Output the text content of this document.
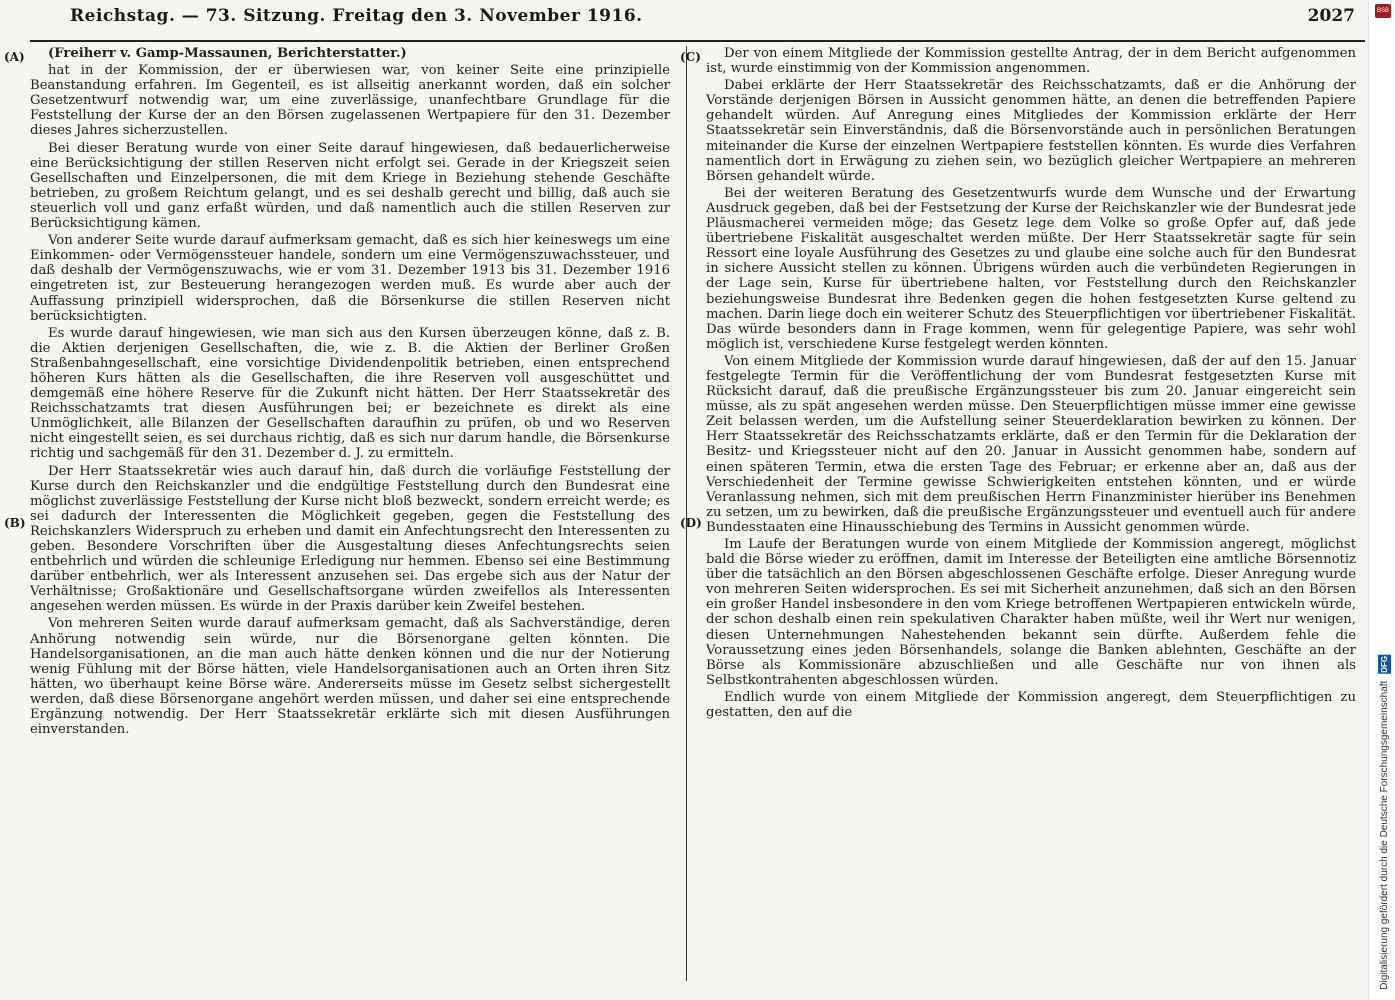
Reichstag. — 73. Sitzung. Freitag den 3. November 1916.	2027

(Freiherr v. Gamp-Massaunen, Berichterstatter.)

hat in der Kommission, der er überwiesen war, von keiner Seite eine prinzipielle Beanstandung erfahren. Im Gegenteil, es ist allseitig anerkannt worden, daß ein solcher Gesetzentwurf notwendig war, um eine zuverlässige, unanfechtbare Grundlage für die Feststellung der Kurse der an den Börsen zugelassenen Wertpapiere für den 31. Dezember dieses Jahres sicherzustellen.

Bei dieser Beratung wurde von einer Seite darauf hingewiesen, daß bedauerlicherweise eine Berücksichtigung der stillen Reserven nicht erfolgt sei. Gerade in der Kriegszeit seien Gesellschaften und Einzelpersonen, die mit dem Kriege in Beziehung stehende Geschäfte betrieben, zu großem Reichtum gelangt, und es sei deshalb gerecht und billig, daß auch sie steuerlich voll und ganz erfaßt würden, und daß namentlich auch die stillen Reserven zur Berücksichtigung kämen.

Von anderer Seite wurde darauf aufmerksam gemacht, daß es sich hier keineswegs um eine Einkommen- oder Vermögenssteuer handele, sondern um eine Vermögenszuwachssteuer, und daß deshalb der Vermögenszuwachs, wie er vom 31. Dezember 1913 bis 31. Dezember 1916 eingetreten ist, zur Besteuerung herangezogen werden muß. Es wurde aber auch der Auffassung prinzipiell widersprochen, daß die Börsenkurse die stillen Reserven nicht berücksichtigten.

Es wurde darauf hingewiesen, wie man sich aus den Kursen überzeugen könne, daß z. B. die Aktien derjenigen Gesellschaften, die, wie z. B. die Aktien der Berliner Großen Straßenbahngesellschaft, eine vorsichtige Dividendenpolitik betrieben, einen entsprechend höheren Kurs hätten als die Gesellschaften, die ihre Reserven voll ausgeschüttet und demgemäß eine höhere Reserve für die Zukunft nicht hätten. Der Herr Staatssekretär des Reichsschatzamts trat diesen Ausführungen bei; er bezeichnete es direkt als eine Unmöglichkeit, alle Bilanzen der Gesellschaften daraufhin zu prüfen, ob und wo Reserven nicht eingestellt seien, es sei durchaus richtig, daß es sich nur darum handle, die Börsenkurse richtig und sachgemäß für den 31. Dezember d. J. zu ermitteln.

Der Herr Staatssekretär wies auch darauf hin, daß durch die vorläufige Feststellung der Kurse durch den Reichskanzler und die endgültige Feststellung durch den Bundesrat eine möglichst zuverlässige Feststellung der Kurse nicht bloß bezweckt, sondern erreicht werde; es sei dadurch der Interessenten die Möglichkeit gegeben, gegen die Feststellung des Reichskanzlers Widerspruch zu erheben und damit ein Anfechtungsrecht den Interessenten zu geben. Besondere Vorschriften über die Ausgestaltung dieses Anfechtungsrechts seien entbehrlich und würden die schleunige Erledigung nur hemmen. Ebenso sei eine Bestimmung darüber entbehrlich, wer als Interessent anzusehen sei. Das ergebe sich aus der Natur der Verhältnisse; Großaktionäre und Gesellschaftsorgane würden zweifellos als Interessenten angesehen werden müssen. Es würde in der Praxis darüber kein Zweifel bestehen.

Von mehreren Seiten wurde darauf aufmerksam gemacht, daß als Sachverständige, deren Anhörung notwendig sein würde, nur die Börsenorgane gelten könnten. Die Handelsorganisationen, an die man auch hätte denken können und die nur der Notierung wenig Fühlung mit der Börse hätten, viele Handelsorganisationen auch an Orten ihren Sitz hätten, wo überhaupt keine Börse wäre. Andererseits müsse im Gesetz selbst sichergestellt werden, daß diese Börsenorgane angehört werden müssen, und daher sei eine entsprechende Ergänzung notwendig. Der Herr Staatssekretär erklärte sich mit diesen Ausführungen einverstanden.

Der von einem Mitgliede der Kommission gestellte Antrag, der in dem Bericht aufgenommen ist, wurde einstimmig von der Kommission angenommen.

Dabei erklärte der Herr Staatssekretär des Reichsschatzamts, daß er die Anhörung der Vorstände derjenigen Börsen in Aussicht genommen hätte, an denen die betreffenden Papiere gehandelt würden. Auf Anregung eines Mitgliedes der Kommission erklärte der Herr Staatssekretär sein Einverständnis, daß die Börsenvorstände auch in persönlichen Beratungen miteinander die Kurse der einzelnen Wertpapiere feststellen könnten. Es wurde dies Verfahren namentlich dort in Erwägung zu ziehen sein, wo bezüglich gleicher Wertpapiere an mehreren Börsen gehandelt würde.

Bei der weiteren Beratung des Gesetzentwurfs wurde dem Wunsche und der Erwartung Ausdruck gegeben, daß bei der Festsetzung der Kurse der Reichskanzler wie der Bundesrat jede Pläusmacherei vermeiden möge; das Gesetz lege dem Volke so große Opfer auf, daß jede übertriebene Fiskalität ausgeschaltet werden müßte. Der Herr Staatssekretär sagte für sein Ressort eine loyale Ausführung des Gesetzes zu und glaube eine solche auch für den Bundesrat in sichere Aussicht stellen zu können. Übrigens würden auch die verbündeten Regierungen in der Lage sein, Kurse für übertriebene halten, vor Feststellung durch den Reichskanzler beziehungsweise Bundesrat ihre Bedenken gegen die hohen festgesetzten Kurse geltend zu machen. Darin liege doch ein weiterer Schutz des Steuerpflichtigen vor übertriebener Fiskalität. Das würde besonders dann in Frage kommen, wenn für gelegentige Papiere, was sehr wohl möglich ist, verschiedene Kurse festgelegt werden könnten.

Von einem Mitgliede der Kommission wurde darauf hingewiesen, daß der auf den 15. Januar festgelegte Termin für die Veröffentlichung der vom Bundesrat festgesetzten Kurse mit Rücksicht darauf, daß die preußische Ergänzungssteuer bis zum 20. Januar eingereicht sein müsse, als zu spät angesehen werden müsse. Den Steuerpflichtigen müsse immer eine gewisse Zeit belassen werden, um die Aufstellung seiner Steuerdeklaration bewirken zu können. Der Herr Staatssekretär des Reichsschatzamts erklärte, daß er den Termin für die Deklaration der Besitz- und Kriegssteuer nicht auf den 20. Januar in Aussicht genommen habe, sondern auf einen späteren Termin, etwa die ersten Tage des Februar; er erkenne aber an, daß aus der Verschiedenheit der Termine gewisse Schwierigkeiten entstehen könnten, und er würde Veranlassung nehmen, sich mit dem preußischen Herrn Finanzminister hierüber ins Benehmen zu setzen, um zu bewirken, daß die preußische Ergänzungssteuer und eventuell auch für andere Bundesstaaten eine Hinausschiebung des Termins in Aussicht genommen würde.

Im Laufe der Beratungen wurde von einem Mitgliede der Kommission angeregt, möglichst bald die Börse wieder zu eröffnen, damit im Interesse der Beteiligten eine amtliche Börsennotiz über die tatsächlich an den Börsen abgeschlossenen Geschäfte erfolge. Dieser Anregung wurde von mehreren Seiten widersprochen. Es sei mit Sicherheit anzunehmen, daß sich an den Börsen ein großer Handel insbesondere in den vom Kriege betroffenen Wertpapieren entwickeln würde, der schon deshalb einen rein spekulativen Charakter haben müßte, weil ihr Wert nur wenigen, diesen Unternehmungen Nahestehenden bekannt sein dürfte. Außerdem fehle die Voraussetzung eines jeden Börsenhandels, solange die Banken ablehnten, Geschäfte an der Börse als Kommissionäre abzuschließen und alle Geschäfte nur von ihnen als Selbstkontrahenten abgeschlossen würden.

Endlich wurde von einem Mitgliede der Kommission angeregt, dem Steuerpflichtigen zu gestatten, den auf die

(A)
(B)
(C)
(D)
BSB
Digitalisierung gefördert durch die Deutsche Forschungsgemeinschaft DFG
